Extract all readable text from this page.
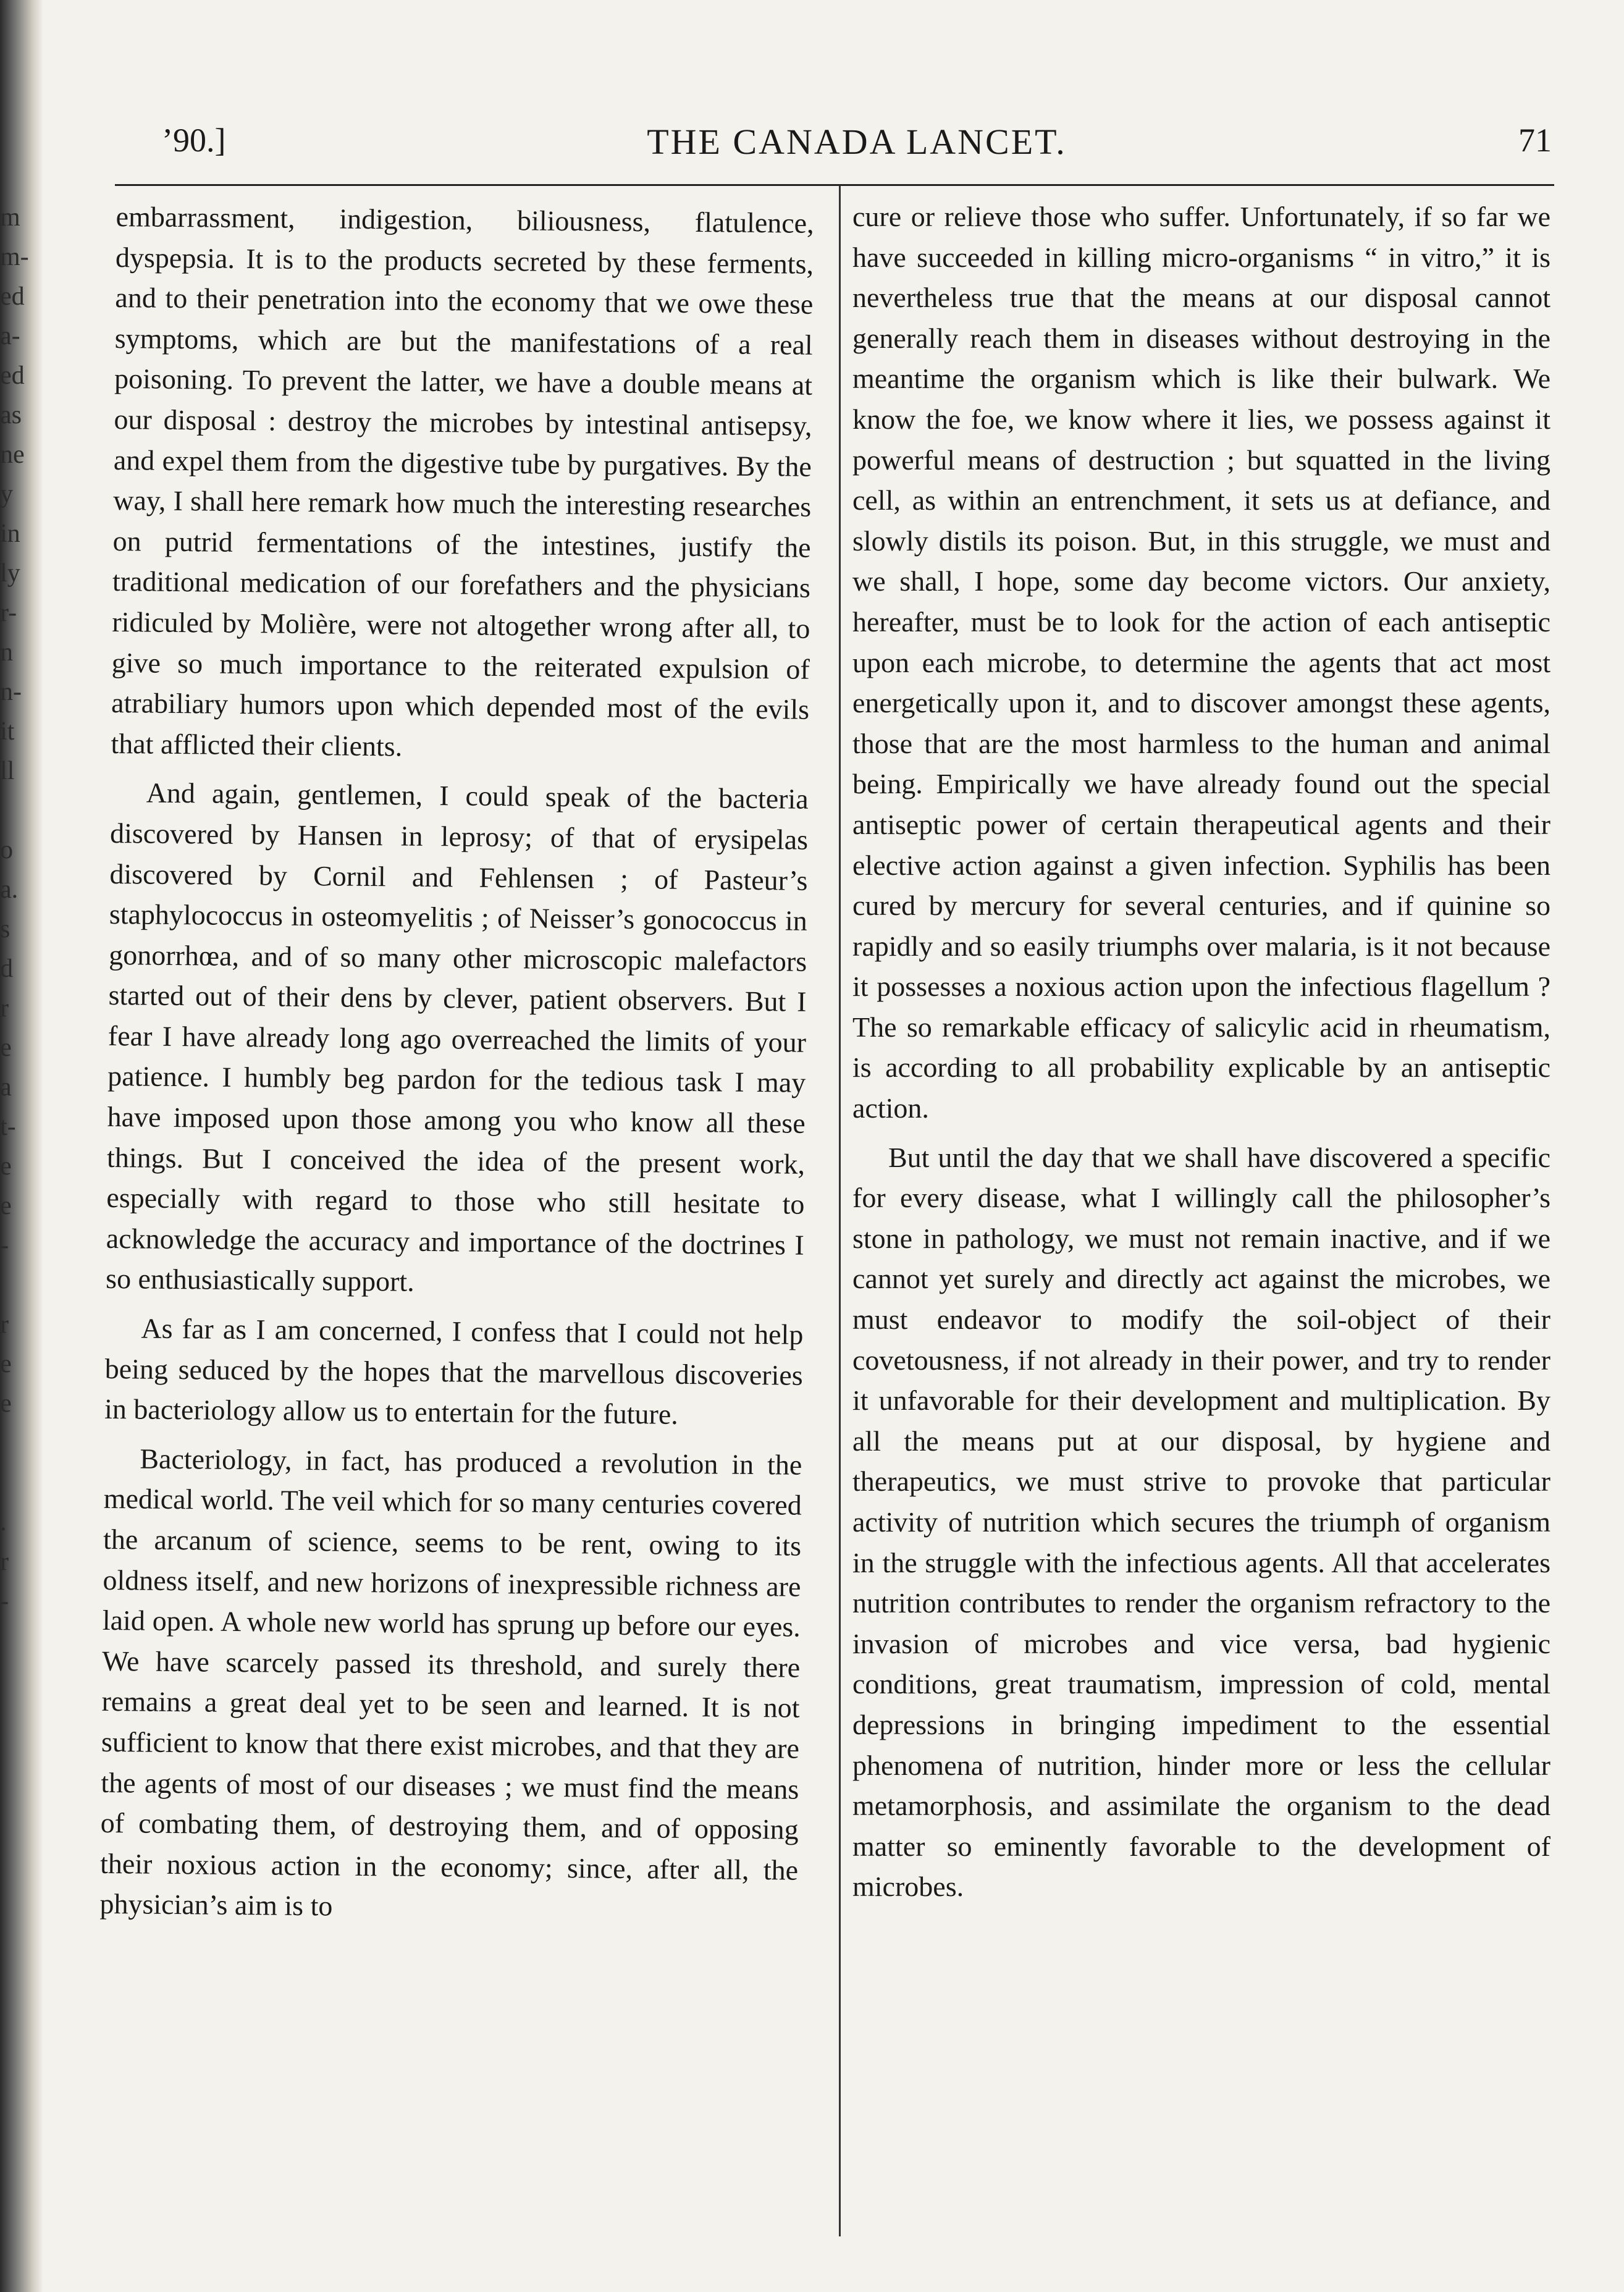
m
m-
ed
a-
ed
as
ne
y
in
ly
r-
n
n-
it
ll

o
a.
s
d
r
e
a
t-
e
e
-

r
e
e

.
r
-
’90.]	THE CANADA LANCET.	71

embarrassment, indigestion, biliousness, flatulence, dyspepsia. It is to the products secreted by these ferments, and to their penetration into the economy that we owe these symptoms, which are but the manifestations of a real poisoning. To prevent the latter, we have a double means at our disposal : destroy the microbes by intestinal antisepsy, and expel them from the digestive tube by purgatives. By the way, I shall here remark how much the interesting researches on putrid fermentations of the intestines, justify the traditional medication of our forefathers and the physicians ridiculed by Molière, were not altogether wrong after all, to give so much importance to the reiterated expulsion of atrabiliary humors upon which depended most of the evils that afflicted their clients.

And again, gentlemen, I could speak of the bacteria discovered by Hansen in leprosy; of that of erysipelas discovered by Cornil and Fehlensen ; of Pasteur’s staphylococcus in osteomyelitis ; of Neisser’s gonococcus in gonorrhœa, and of so many other microscopic malefactors started out of their dens by clever, patient observers. But I fear I have already long ago overreached the limits of your patience. I humbly beg pardon for the tedious task I may have imposed upon those among you who know all these things. But I conceived the idea of the present work, especially with regard to those who still hesitate to acknowledge the accuracy and importance of the doctrines I so enthusiastically support.

As far as I am concerned, I confess that I could not help being seduced by the hopes that the marvellous discoveries in bacteriology allow us to entertain for the future.

Bacteriology, in fact, has produced a revolution in the medical world. The veil which for so many centuries covered the arcanum of science, seems to be rent, owing to its oldness itself, and new horizons of inexpressible richness are laid open. A whole new world has sprung up before our eyes. We have scarcely passed its threshold, and surely there remains a great deal yet to be seen and learned. It is not sufficient to know that there exist microbes, and that they are the agents of most of our diseases ; we must find the means of combating them, of destroying them, and of opposing their noxious action in the economy; since, after all, the physician’s aim is to

cure or relieve those who suffer. Unfortunately, if so far we have succeeded in killing micro-organisms “ in vitro,” it is nevertheless true that the means at our disposal cannot generally reach them in diseases without destroying in the meantime the organism which is like their bulwark. We know the foe, we know where it lies, we possess against it powerful means of destruction ; but squatted in the living cell, as within an entrenchment, it sets us at defiance, and slowly distils its poison. But, in this struggle, we must and we shall, I hope, some day become victors. Our anxiety, hereafter, must be to look for the action of each antiseptic upon each microbe, to determine the agents that act most energetically upon it, and to discover amongst these agents, those that are the most harmless to the human and animal being. Empirically we have already found out the special antiseptic power of certain therapeutical agents and their elective action against a given infection. Syphilis has been cured by mercury for several centuries, and if quinine so rapidly and so easily triumphs over malaria, is it not because it possesses a noxious action upon the infectious flagellum ? The so remarkable efficacy of salicylic acid in rheumatism, is according to all probability explicable by an antiseptic action.

But until the day that we shall have discovered a specific for every disease, what I willingly call the philosopher’s stone in pathology, we must not remain inactive, and if we cannot yet surely and directly act against the microbes, we must endeavor to modify the soil-object of their covetousness, if not already in their power, and try to render it unfavorable for their development and multiplication. By all the means put at our disposal, by hygiene and therapeutics, we must strive to provoke that particular activity of nutrition which secures the triumph of organism in the struggle with the infectious agents. All that accelerates nutrition contributes to render the organism refractory to the invasion of microbes and vice versa, bad hygienic conditions, great traumatism, impression of cold, mental depressions in bringing impediment to the essential phenomena of nutrition, hinder more or less the cellular metamorphosis, and assimilate the organism to the dead matter so eminently favorable to the development of microbes.
